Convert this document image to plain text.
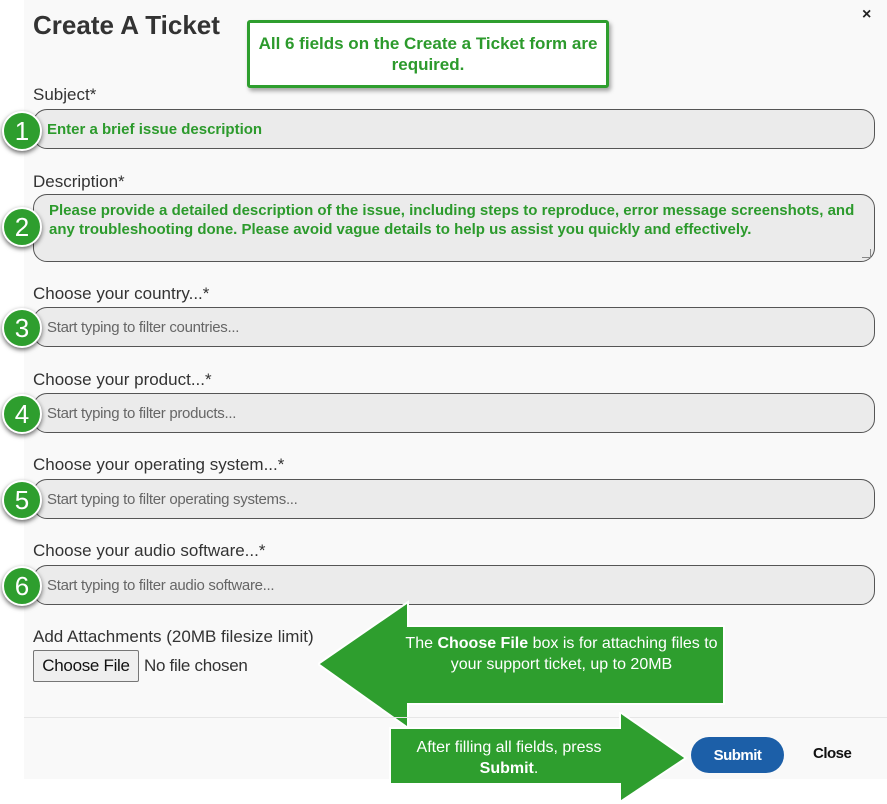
Create A Ticket	×
All 6 fields on the Create a Ticket form are required.
Subject*
Enter a brief issue description
1
Description*
Please provide a detailed description of the issue, including steps to reproduce, error message screenshots, and any troubleshooting done. Please avoid vague details to help us assist you quickly and effectively.
2
Choose your country...*
Start typing to filter countries...
3
Choose your product...*
Start typing to filter products...
4
Choose your operating system...*
Start typing to filter operating systems...
5
Choose your audio software...*
Start typing to filter audio software...
6
Add Attachments (20MB filesize limit)
Choose File No file chosen
The Choose File box is for attaching files to your support ticket, up to 20MB
After filling all fields, press Submit.
Submit	Close
